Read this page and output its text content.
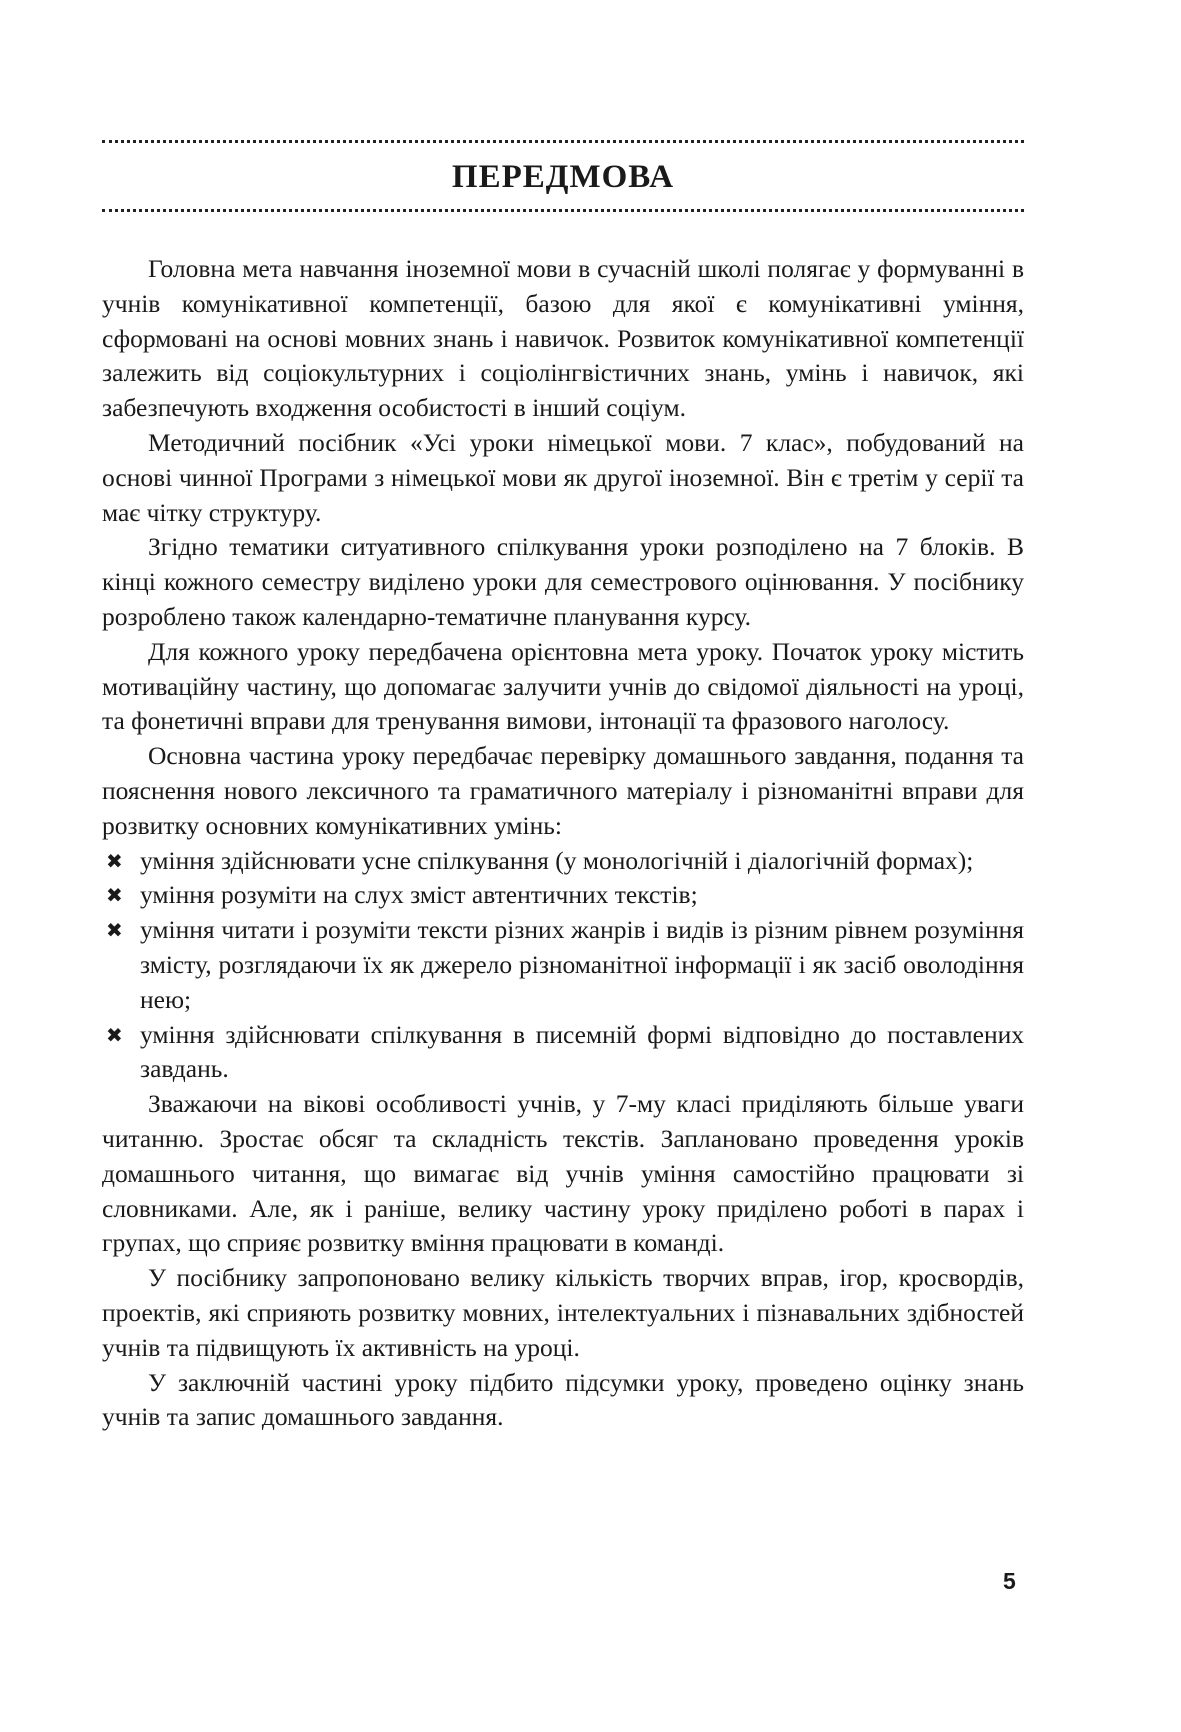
ПЕРЕДМОВА

Головна мета навчання іноземної мови в сучасній школі полягає у формуванні в учнів комунікативної компетенції, базою для якої є комунікативні уміння, сформовані на основі мовних знань і навичок. Розвиток комунікативної компетенції залежить від соціокультурних і соціолінгвістичних знань, умінь і навичок, які забезпечують входження особистості в інший соціум.

Методичний посібник «Усі уроки німецької мови. 7 клас», побудований на основі чинної Програми з німецької мови як другої іноземної. Він є третім у серії та має чітку структуру.

Згідно тематики ситуативного спілкування уроки розподілено на 7 блоків. В кінці кожного семестру виділено уроки для семестрового оцінювання. У посібнику розроблено також календарно-тематичне планування курсу.

Для кожного уроку передбачена орієнтовна мета уроку. Початок уроку містить мотиваційну частину, що допомагає залучити учнів до свідомої діяльності на уроці, та фонетичні вправи для тренування вимови, інтонації та фразового наголосу.

Основна частина уроку передбачає перевірку домашнього завдання, подання та пояснення нового лексичного та граматичного матеріалу і різноманітні вправи для розвитку основних комунікативних умінь:

✖ уміння здійснювати усне спілкування (у монологічній і діалогічній формах);
✖ уміння розуміти на слух зміст автентичних текстів;
✖ уміння читати і розуміти тексти різних жанрів і видів із різним рівнем розуміння змісту, розглядаючи їх як джерело різноманітної інформації і як засіб оволодіння нею;
✖ уміння здійснювати спілкування в писемній формі відповідно до поставлених завдань.

Зважаючи на вікові особливості учнів, у 7-му класі приділяють більше уваги читанню. Зростає обсяг та складність текстів. Заплановано проведення уроків домашнього читання, що вимагає від учнів уміння самостійно працювати зі словниками. Але, як і раніше, велику частину уроку приділено роботі в парах і групах, що сприяє розвитку вміння працювати в команді.

У посібнику запропоновано велику кількість творчих вправ, ігор, кросвордів, проектів, які сприяють розвитку мовних, інтелектуальних і пізнавальних здібностей учнів та підвищують їх активність на уроці.

У заключній частині уроку підбито підсумки уроку, проведено оцінку знань учнів та запис домашнього завдання.

5
